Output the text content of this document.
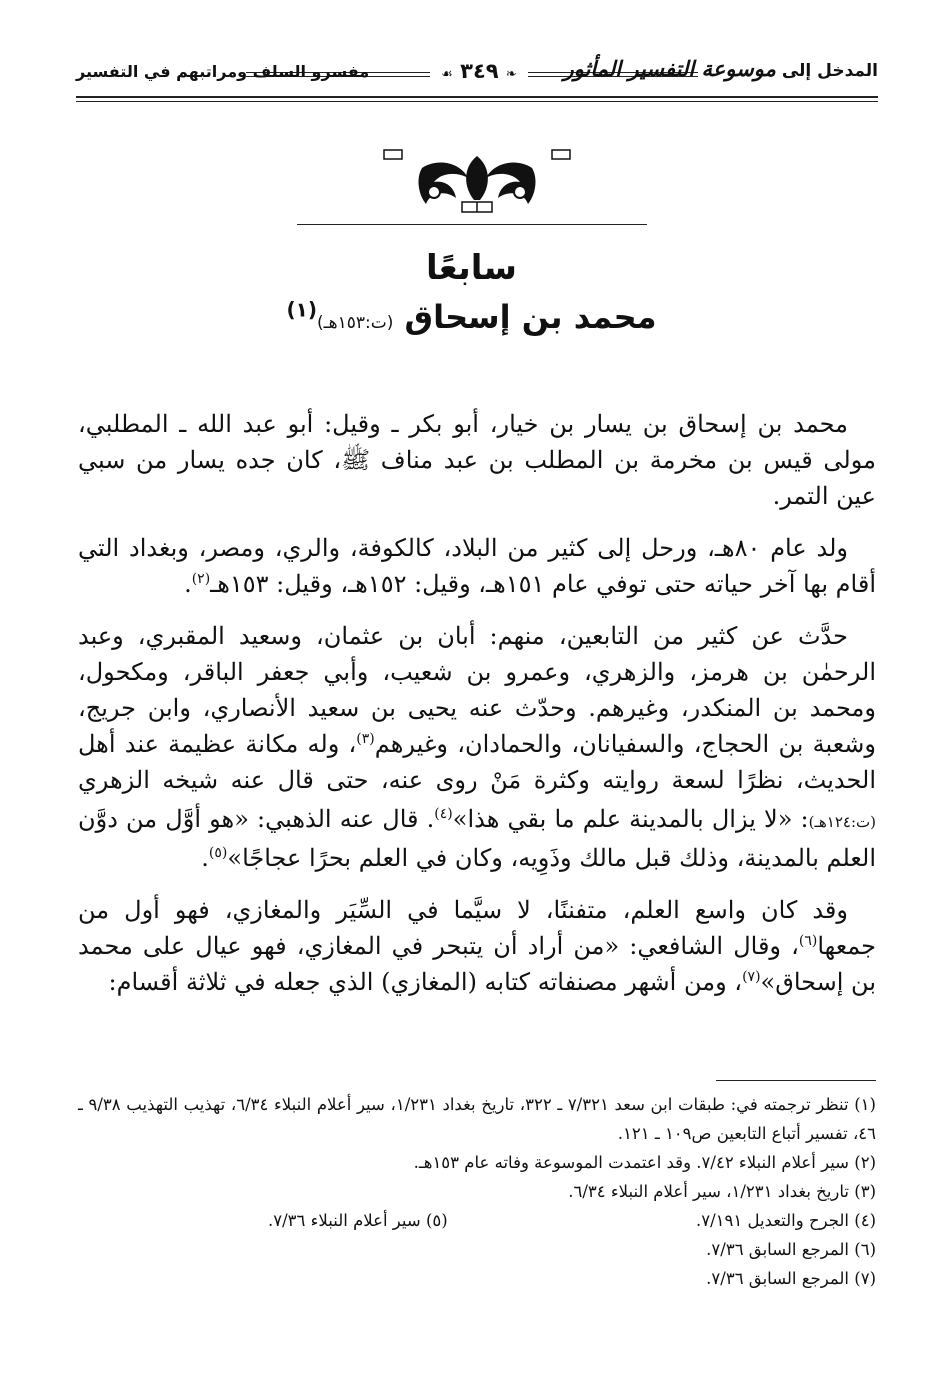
المدخل إلى موسوعة التفسير المأثور
❧ ٣٤٩ ☙
مفسرو السلف ومراتبهم في التفسير
سابعًا
محمد بن إسحاق (ت:١٥٣هـ)$^{(١)}$

محمد بن إسحاق بن يسار بن خيار، أبو بكر ـ وقيل: أبو عبد الله ـ المطلبي، مولى قيس بن مخرمة بن المطلب بن عبد مناف ﷺ، كان جده يسار من سبي عين التمر.

ولد عام ٨٠هـ، ورحل إلى كثير من البلاد، كالكوفة، والري، ومصر، وبغداد التي أقام بها آخر حياته حتى توفي عام ١٥١هـ، وقيل: ١٥٢هـ، وقيل: ١٥٣هـ$^{(٢)}$.

حدَّث عن كثير من التابعين، منهم: أبان بن عثمان، وسعيد المقبري، وعبد الرحمٰن بن هرمز، والزهري، وعمرو بن شعيب، وأبي جعفر الباقر، ومكحول، ومحمد بن المنكدر، وغيرهم. وحدّث عنه يحيى بن سعيد الأنصاري، وابن جريج، وشعبة بن الحجاج، والسفيانان، والحمادان، وغيرهم$^{(٣)}$، وله مكانة عظيمة عند أهل الحديث، نظرًا لسعة روايته وكثرة مَنْ روى عنه، حتى قال عنه شيخه الزهري (ت:١٢٤هـ): «لا يزال بالمدينة علم ما بقي هذا»$^{(٤)}$. قال عنه الذهبي: «هو أوَّل من دوَّن العلم بالمدينة، وذلك قبل مالك وذَوِيه، وكان في العلم بحرًا عجاجًا»$^{(٥)}$.

وقد كان واسع العلم، متفننًا، لا سيَّما في السِّيَر والمغازي، فهو أول من جمعها$^{(٦)}$، وقال الشافعي: «من أراد أن يتبحر في المغازي، فهو عيال على محمد بن إسحاق»$^{(٧)}$، ومن أشهر مصنفاته كتابه (المغازي) الذي جعله في ثلاثة أقسام:

(١) تنظر ترجمته في: طبقات ابن سعد ٧/٣٢١ ـ ٣٢٢، تاريخ بغداد ١/٢٣١، سير أعلام النبلاء ٦/٣٤، تهذيب التهذيب ٩/٣٨ ـ ٤٦، تفسير أتباع التابعين ص١٠٩ ـ ١٢١.

(٢) سير أعلام النبلاء ٧/٤٢. وقد اعتمدت الموسوعة وفاته عام ١٥٣هـ.

(٣) تاريخ بغداد ١/٢٣١، سير أعلام النبلاء ٦/٣٤.

(٤) الجرح والتعديل ٧/١٩١.

(٥) سير أعلام النبلاء ٧/٣٦.

(٦) المرجع السابق ٧/٣٦.

(٧) المرجع السابق ٧/٣٦.
